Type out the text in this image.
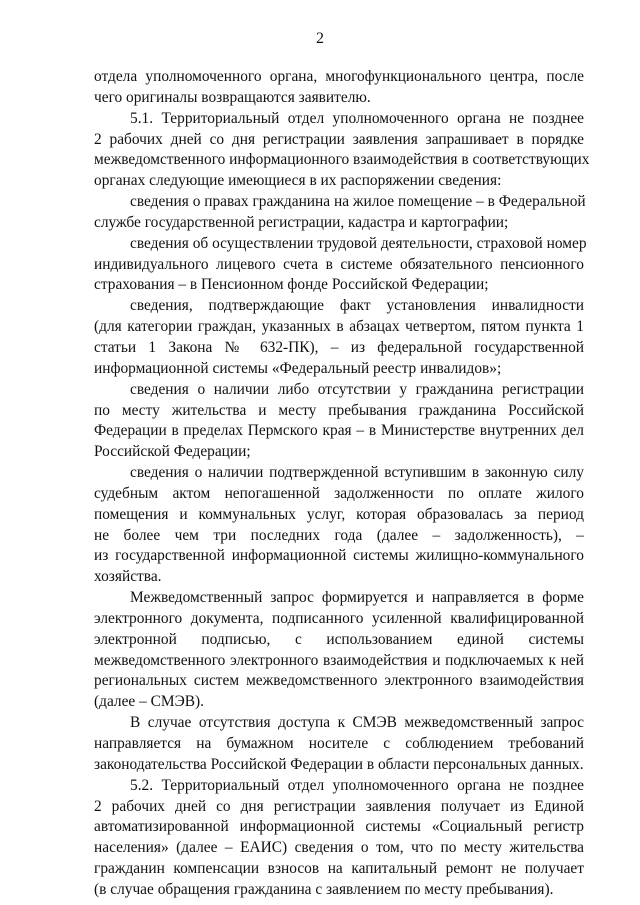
2
отдела уполномоченного органа, многофункционального центра, после
чего оригиналы возвращаются заявителю.
5.1. Территориальный отдел уполномоченного органа не позднее
2 рабочих дней со дня регистрации заявления запрашивает в порядке
межведомственного информационного взаимодействия в соответствующих
органах следующие имеющиеся в их распоряжении сведения:
сведения о правах гражданина на жилое помещение – в Федеральной
службе государственной регистрации, кадастра и картографии;
сведения об осуществлении трудовой деятельности, страховой номер
индивидуального лицевого счета в системе обязательного пенсионного
страхования – в Пенсионном фонде Российской Федерации;
сведения, подтверждающие факт установления инвалидности
(для категории граждан, указанных в абзацах четвертом, пятом пункта 1
статьи 1 Закона № 632-ПК), – из федеральной государственной
информационной системы «Федеральный реестр инвалидов»;
сведения о наличии либо отсутствии у гражданина регистрации
по месту жительства и месту пребывания гражданина Российской
Федерации в пределах Пермского края – в Министерстве внутренних дел
Российской Федерации;
сведения о наличии подтвержденной вступившим в законную силу
судебным актом непогашенной задолженности по оплате жилого
помещения и коммунальных услуг, которая образовалась за период
не более чем три последних года (далее – задолженность), –
из государственной информационной системы жилищно-коммунального
хозяйства.
Межведомственный запрос формируется и направляется в форме
электронного документа, подписанного усиленной квалифицированной
электронной подписью, с использованием единой системы
межведомственного электронного взаимодействия и подключаемых к ней
региональных систем межведомственного электронного взаимодействия
(далее – СМЭВ).
В случае отсутствия доступа к СМЭВ межведомственный запрос
направляется на бумажном носителе с соблюдением требований
законодательства Российской Федерации в области персональных данных.
5.2. Территориальный отдел уполномоченного органа не позднее
2 рабочих дней со дня регистрации заявления получает из Единой
автоматизированной информационной системы «Социальный регистр
населения» (далее – ЕАИС) сведения о том, что по месту жительства
гражданин компенсации взносов на капитальный ремонт не получает
(в случае обращения гражданина с заявлением по месту пребывания).
